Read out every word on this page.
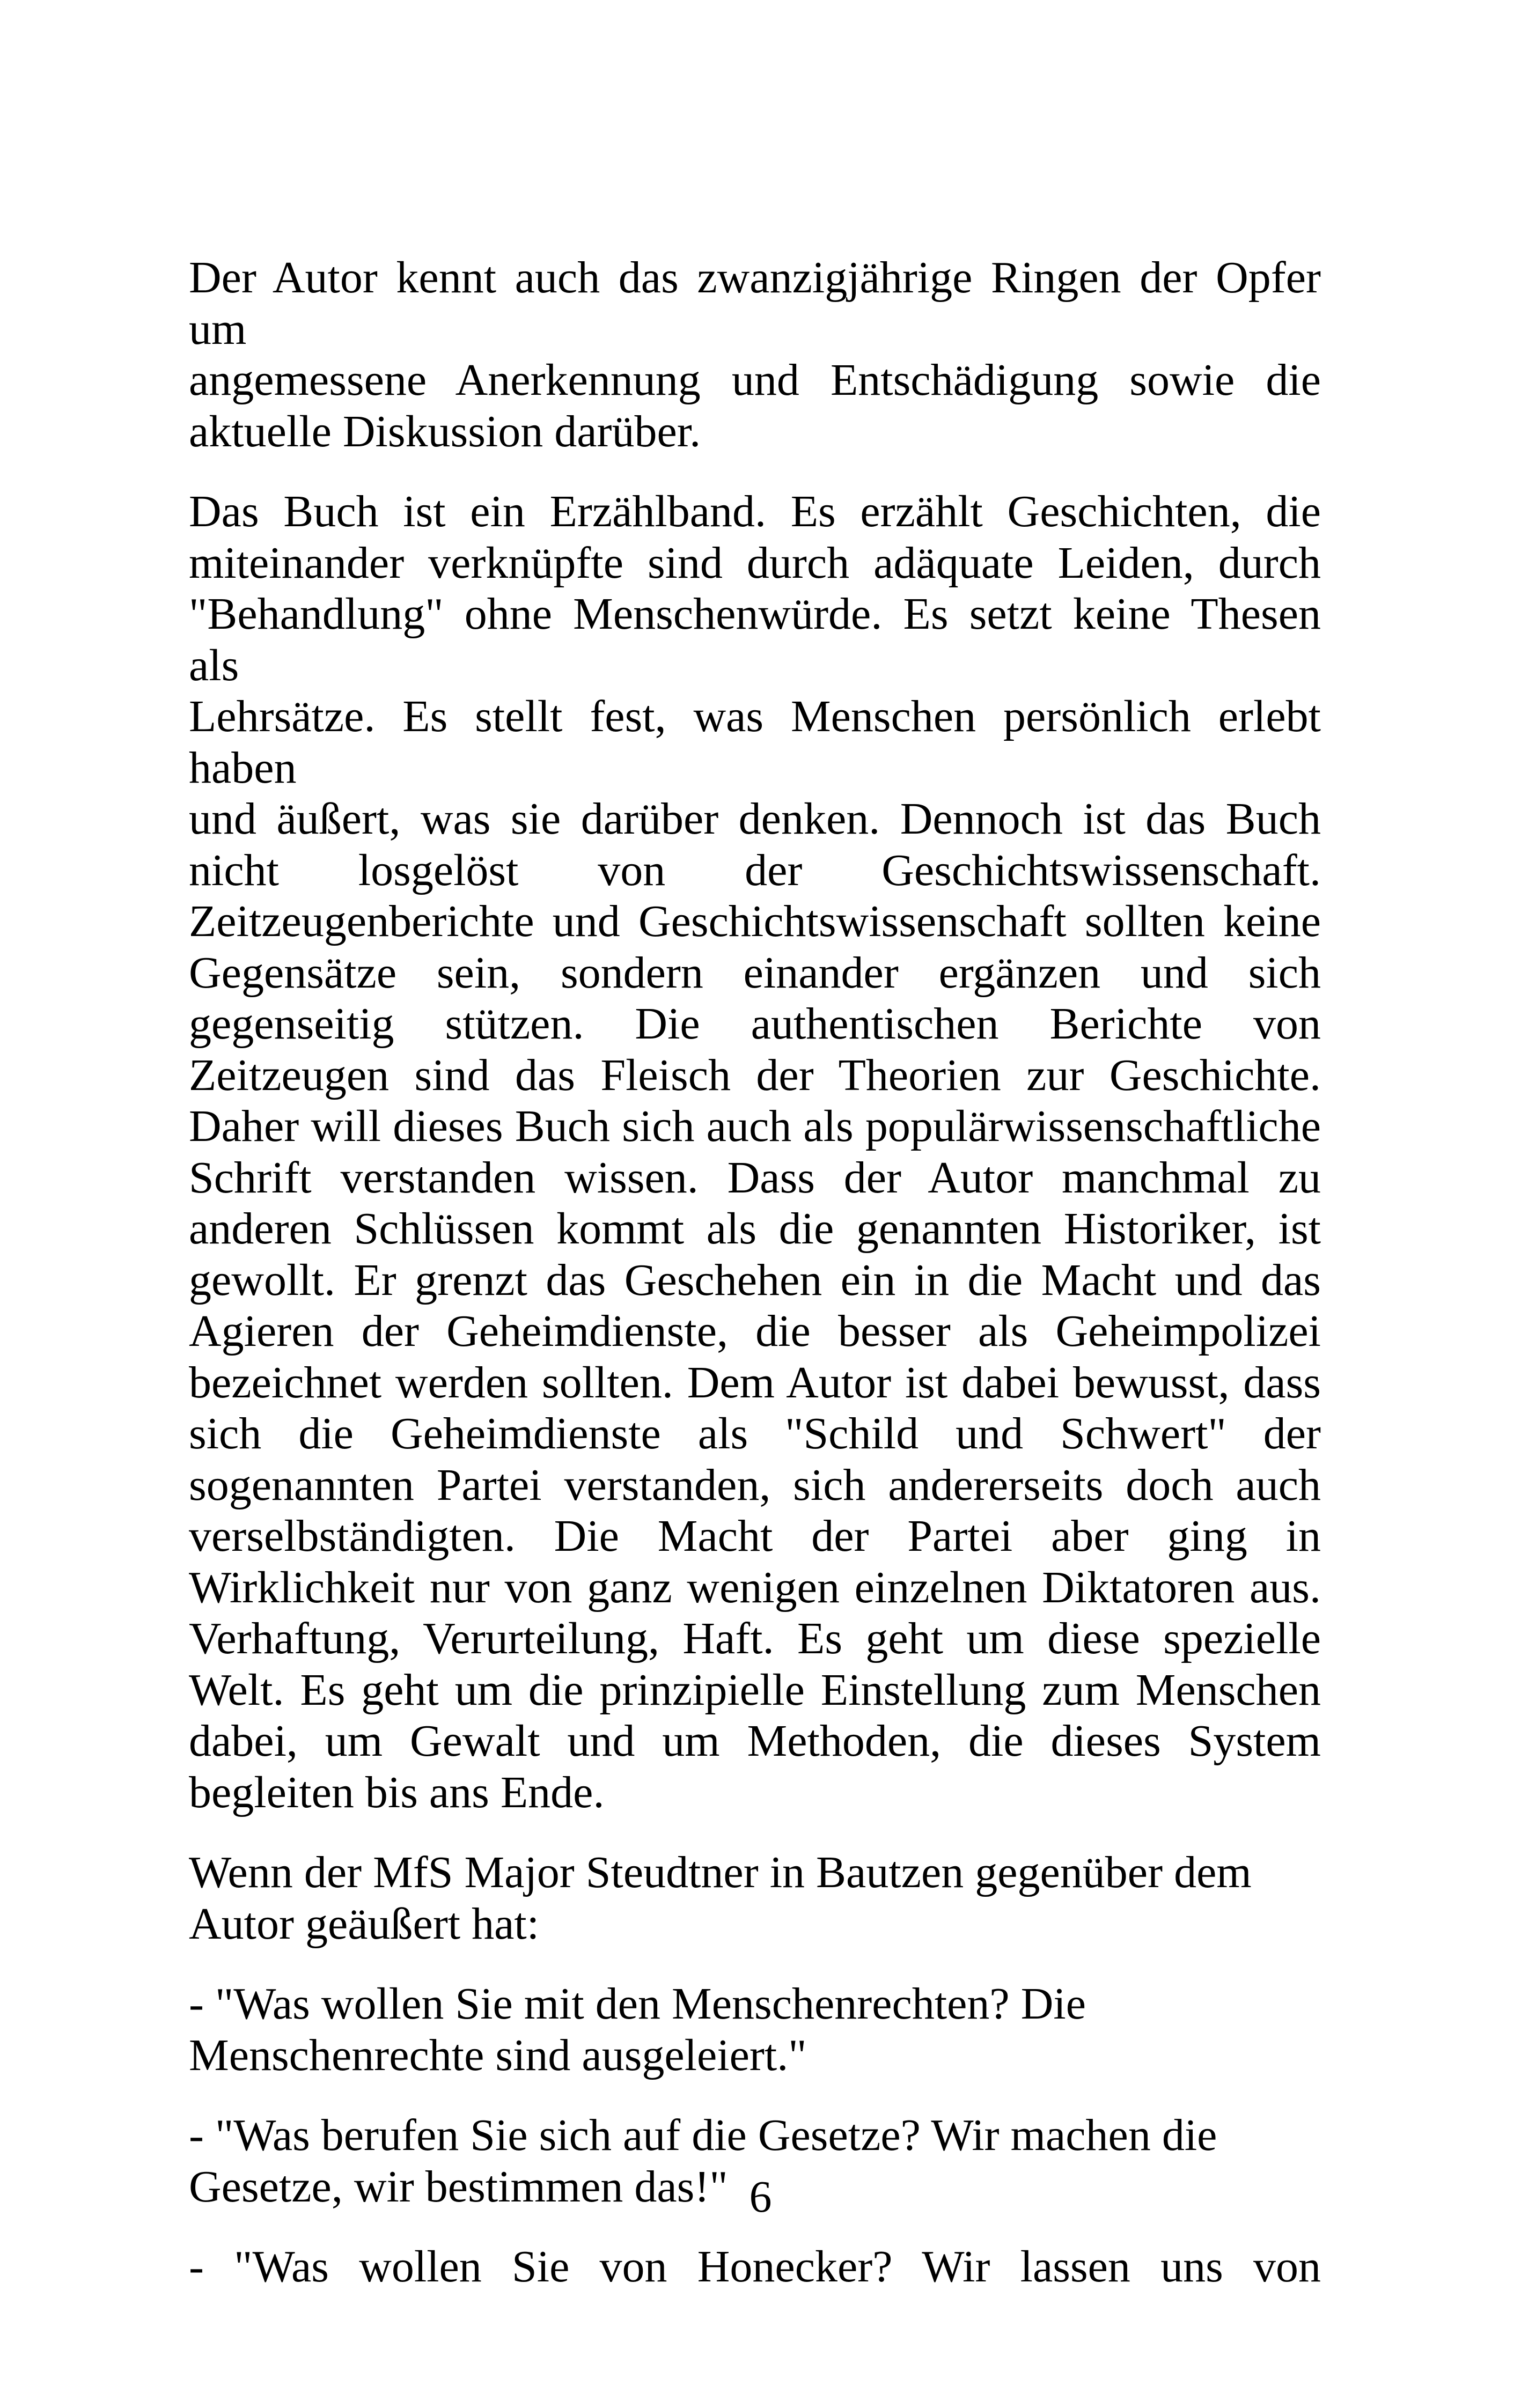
Der Autor kennt auch das zwanzigjährige Ringen der Opfer um
angemessene Anerkennung und Entschädigung sowie die
aktuelle Diskussion darüber.

Das Buch ist ein Erzählband. Es erzählt Geschichten, die
miteinander verknüpfte sind durch adäquate Leiden, durch
"Behandlung" ohne Menschenwürde. Es setzt keine Thesen als
Lehrsätze. Es stellt fest, was Menschen persönlich erlebt haben
und äußert, was sie darüber denken. Dennoch ist das Buch
nicht losgelöst von der Geschichtswissenschaft.
Zeitzeugenberichte und Geschichtswissenschaft sollten keine
Gegensätze sein, sondern einander ergänzen und sich
gegenseitig stützen. Die authentischen Berichte von
Zeitzeugen sind das Fleisch der Theorien zur Geschichte.
Daher will dieses Buch sich auch als populärwissenschaftliche
Schrift verstanden wissen. Dass der Autor manchmal zu
anderen Schlüssen kommt als die genannten Historiker, ist
gewollt. Er grenzt das Geschehen ein in die Macht und das
Agieren der Geheimdienste, die besser als Geheimpolizei
bezeichnet werden sollten. Dem Autor ist dabei bewusst, dass
sich die Geheimdienste als "Schild und Schwert" der
sogenannten Partei verstanden, sich andererseits doch auch
verselbständigten. Die Macht der Partei aber ging in
Wirklichkeit nur von ganz wenigen einzelnen Diktatoren aus.
Verhaftung, Verurteilung, Haft. Es geht um diese spezielle
Welt. Es geht um die prinzipielle Einstellung zum Menschen
dabei, um Gewalt und um Methoden, die dieses System
begleiten bis ans Ende.

Wenn der MfS Major Steudtner in Bautzen gegenüber dem
Autor geäußert hat:

- "Was wollen Sie mit den Menschenrechten? Die
Menschenrechte sind ausgeleiert."

- "Was berufen Sie sich auf die Gesetze? Wir machen die
Gesetze, wir bestimmen das!"

- "Was wollen Sie von Honecker? Wir lassen uns von

6
